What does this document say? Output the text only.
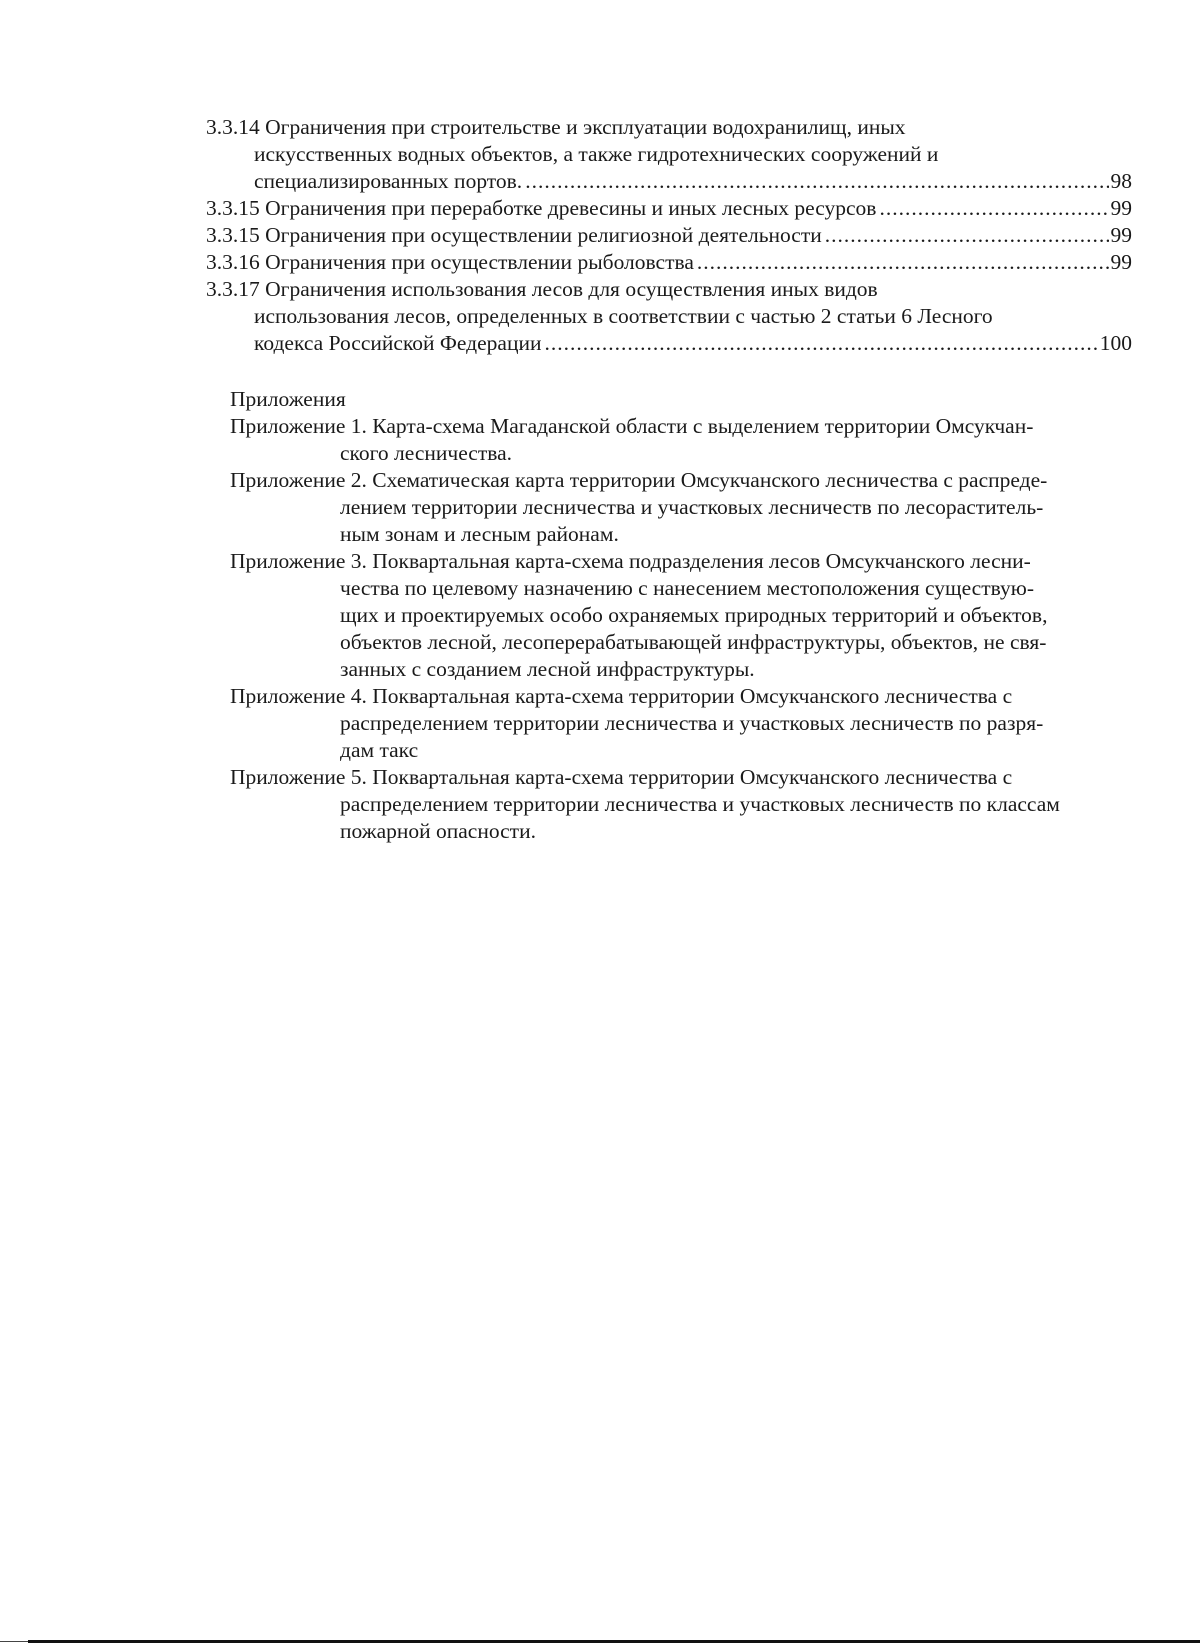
3.3.14 Ограничения при строительстве и эксплуатации водохранилищ, иных
искусственных водных объектов, а также гидротехнических сооружений и
специализированных портов. .....	98
3.3.15 Ограничения при переработке древесины и иных лесных ресурсов .....	99
3.3.15 Ограничения при осуществлении религиозной деятельности .....	99
3.3.16 Ограничения при осуществлении рыболовства .....	99
3.3.17 Ограничения использования лесов для осуществления иных видов
использования лесов, определенных в соответствии с частью 2 статьи 6 Лесного
кодекса Российской Федерации .....	100
Приложения
Приложение 1. Карта-схема Магаданской области с выделением территории Омсукчан-
ского лесничества.
Приложение 2. Схематическая карта территории Омсукчанского лесничества с распреде-
лением территории лесничества и участковых лесничеств по лесораститель-
ным зонам и лесным районам.
Приложение 3. Поквартальная карта-схема подразделения лесов Омсукчанского лесни-
чества по целевому назначению с нанесением местоположения существую-
щих и проектируемых особо охраняемых природных территорий и объектов,
объектов лесной, лесоперерабатывающей инфраструктуры, объектов, не свя-
занных с созданием лесной инфраструктуры.
Приложение 4. Поквартальная карта-схема территории Омсукчанского лесничества с
распределением территории лесничества и участковых лесничеств по разря-
дам такс
Приложение 5. Поквартальная карта-схема территории Омсукчанского лесничества с
распределением территории лесничества и участковых лесничеств по классам
пожарной опасности.
